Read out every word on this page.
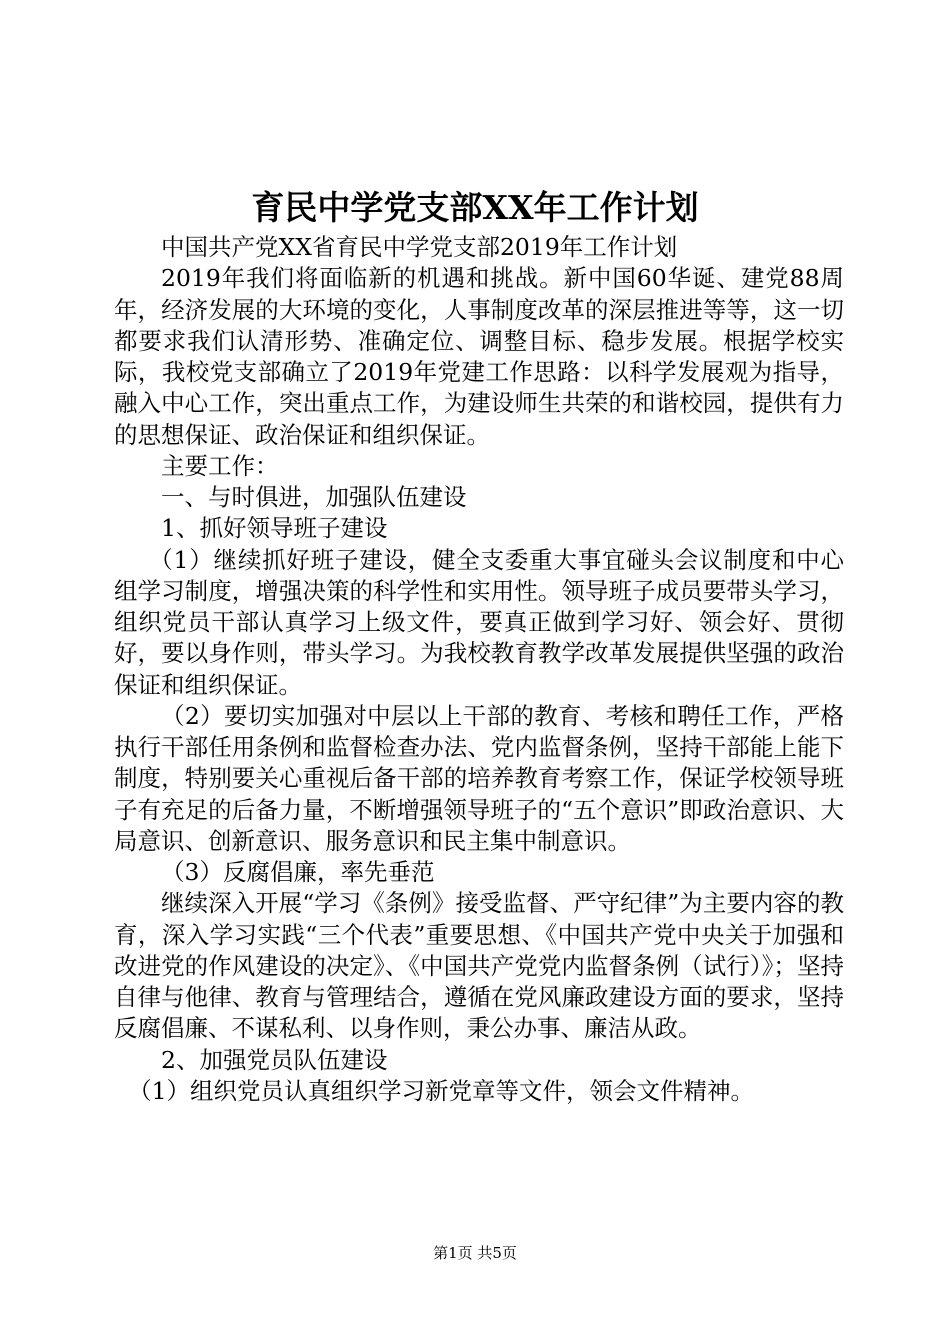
育民中学党支部XX年工作计划

中国共产党XX省育民中学党支部2019年工作计划

2019年我们将面临新的机遇和挑战。新中国60华诞、建党88周年，经济发展的大环境的变化，人事制度改革的深层推进等等，这一切都要求我们认清形势、准确定位、调整目标、稳步发展。根据学校实际，我校党支部确立了2019年党建工作思路：以科学发展观为指导，融入中心工作，突出重点工作，为建设师生共荣的和谐校园，提供有力的思想保证、政治保证和组织保证。

主要工作：

一、与时俱进，加强队伍建设

1、抓好领导班子建设

（1）继续抓好班子建设，健全支委重大事宜碰头会议制度和中心组学习制度，增强决策的科学性和实用性。领导班子成员要带头学习，组织党员干部认真学习上级文件，要真正做到学习好、领会好、贯彻好，要以身作则，带头学习。为我校教育教学改革发展提供坚强的政治保证和组织保证。

（2）要切实加强对中层以上干部的教育、考核和聘任工作，严格执行干部任用条例和监督检查办法、党内监督条例，坚持干部能上能下制度，特别要关心重视后备干部的培养教育考察工作，保证学校领导班子有充足的后备力量，不断增强领导班子的“五个意识”即政治意识、大局意识、创新意识、服务意识和民主集中制意识。

（3）反腐倡廉，率先垂范

继续深入开展“学习《条例》接受监督、严守纪律”为主要内容的教育，深入学习实践“三个代表”重要思想、《中国共产党中央关于加强和改进党的作风建设的决定》、《中国共产党党内监督条例（试行）》；坚持自律与他律、教育与管理结合，遵循在党风廉政建设方面的要求，坚持反腐倡廉、不谋私利、以身作则，秉公办事、廉洁从政。

2、加强党员队伍建设

（1）组织党员认真组织学习新党章等文件，领会文件精神。

第1页 共5页
